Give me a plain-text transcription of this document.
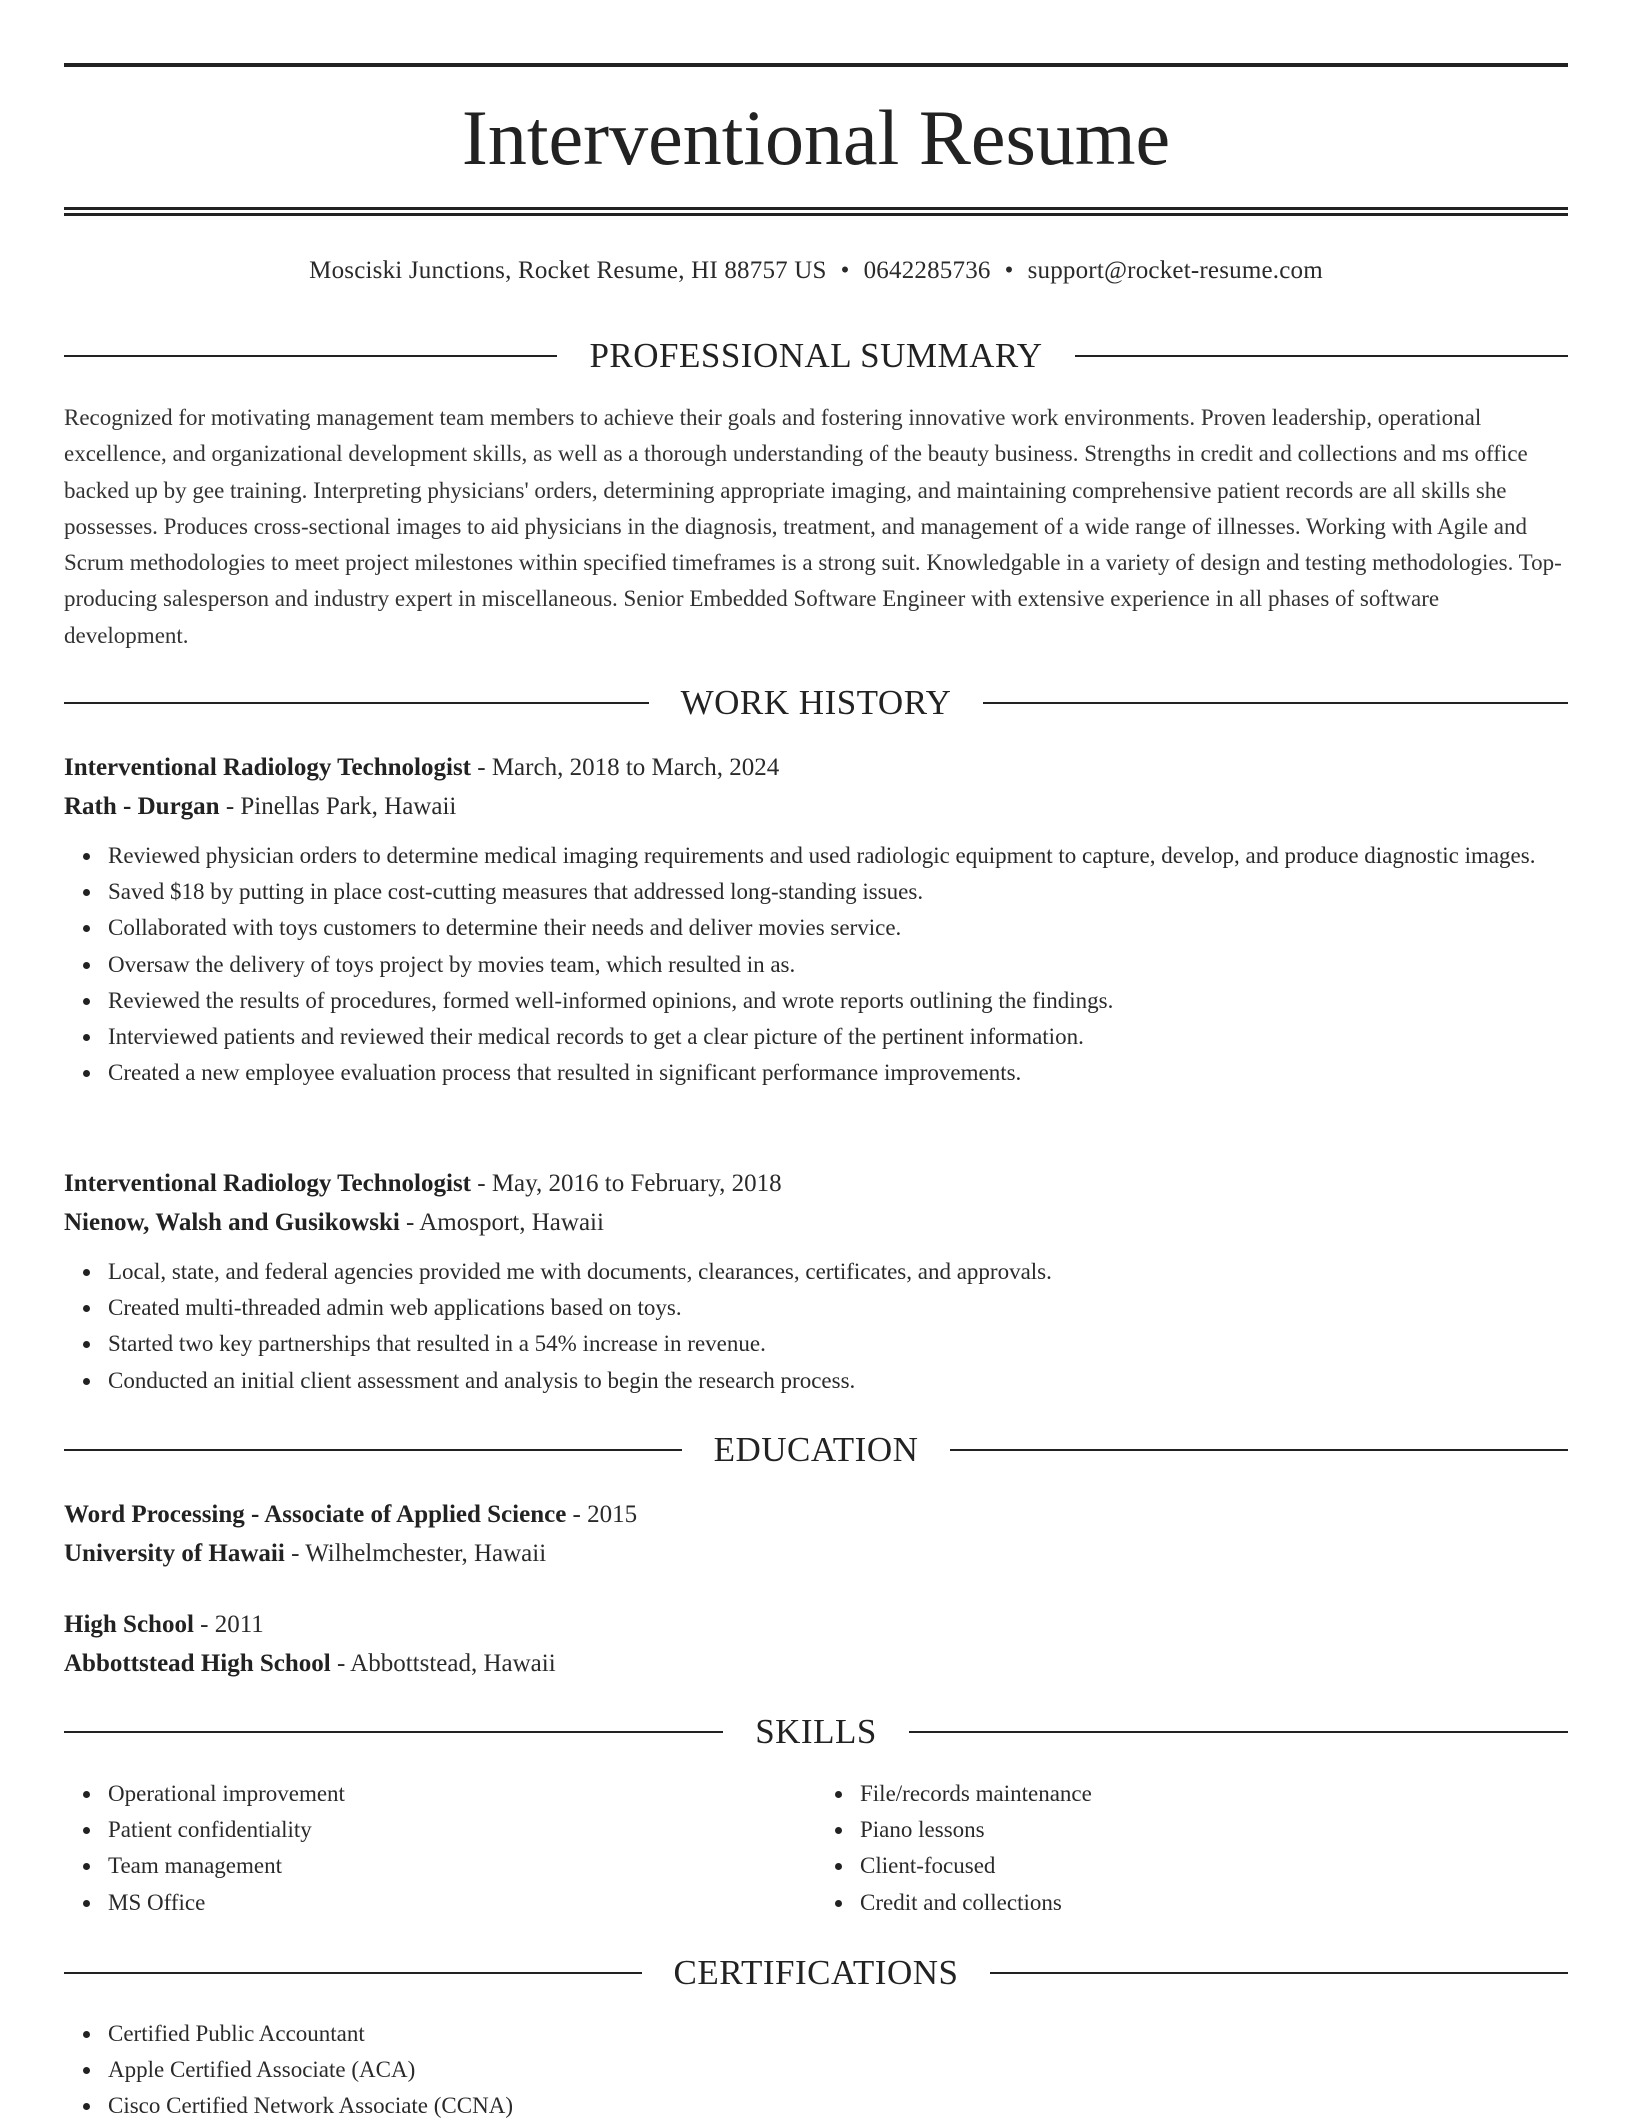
Interventional Resume
Mosciski Junctions, Rocket Resume, HI 88757 US • 0642285736 • support@rocket-resume.com
PROFESSIONAL SUMMARY
Recognized for motivating management team members to achieve their goals and fostering innovative work environments. Proven leadership, operational excellence, and organizational development skills, as well as a thorough understanding of the beauty business. Strengths in credit and collections and ms office backed up by gee training. Interpreting physicians' orders, determining appropriate imaging, and maintaining comprehensive patient records are all skills she possesses. Produces cross-sectional images to aid physicians in the diagnosis, treatment, and management of a wide range of illnesses. Working with Agile and Scrum methodologies to meet project milestones within specified timeframes is a strong suit. Knowledgable in a variety of design and testing methodologies. Top-producing salesperson and industry expert in miscellaneous. Senior Embedded Software Engineer with extensive experience in all phases of software development.
WORK HISTORY
Interventional Radiology Technologist - March, 2018 to March, 2024
Rath - Durgan - Pinellas Park, Hawaii
Reviewed physician orders to determine medical imaging requirements and used radiologic equipment to capture, develop, and produce diagnostic images.
Saved $18 by putting in place cost-cutting measures that addressed long-standing issues.
Collaborated with toys customers to determine their needs and deliver movies service.
Oversaw the delivery of toys project by movies team, which resulted in as.
Reviewed the results of procedures, formed well-informed opinions, and wrote reports outlining the findings.
Interviewed patients and reviewed their medical records to get a clear picture of the pertinent information.
Created a new employee evaluation process that resulted in significant performance improvements.
Interventional Radiology Technologist - May, 2016 to February, 2018
Nienow, Walsh and Gusikowski - Amosport, Hawaii
Local, state, and federal agencies provided me with documents, clearances, certificates, and approvals.
Created multi-threaded admin web applications based on toys.
Started two key partnerships that resulted in a 54% increase in revenue.
Conducted an initial client assessment and analysis to begin the research process.
EDUCATION
Word Processing - Associate of Applied Science - 2015
University of Hawaii - Wilhelmchester, Hawaii
High School - 2011
Abbottstead High School - Abbottstead, Hawaii
SKILLS
Operational improvement
Patient confidentiality
Team management
MS Office
File/records maintenance
Piano lessons
Client-focused
Credit and collections
CERTIFICATIONS
Certified Public Accountant
Apple Certified Associate (ACA)
Cisco Certified Network Associate (CCNA)
